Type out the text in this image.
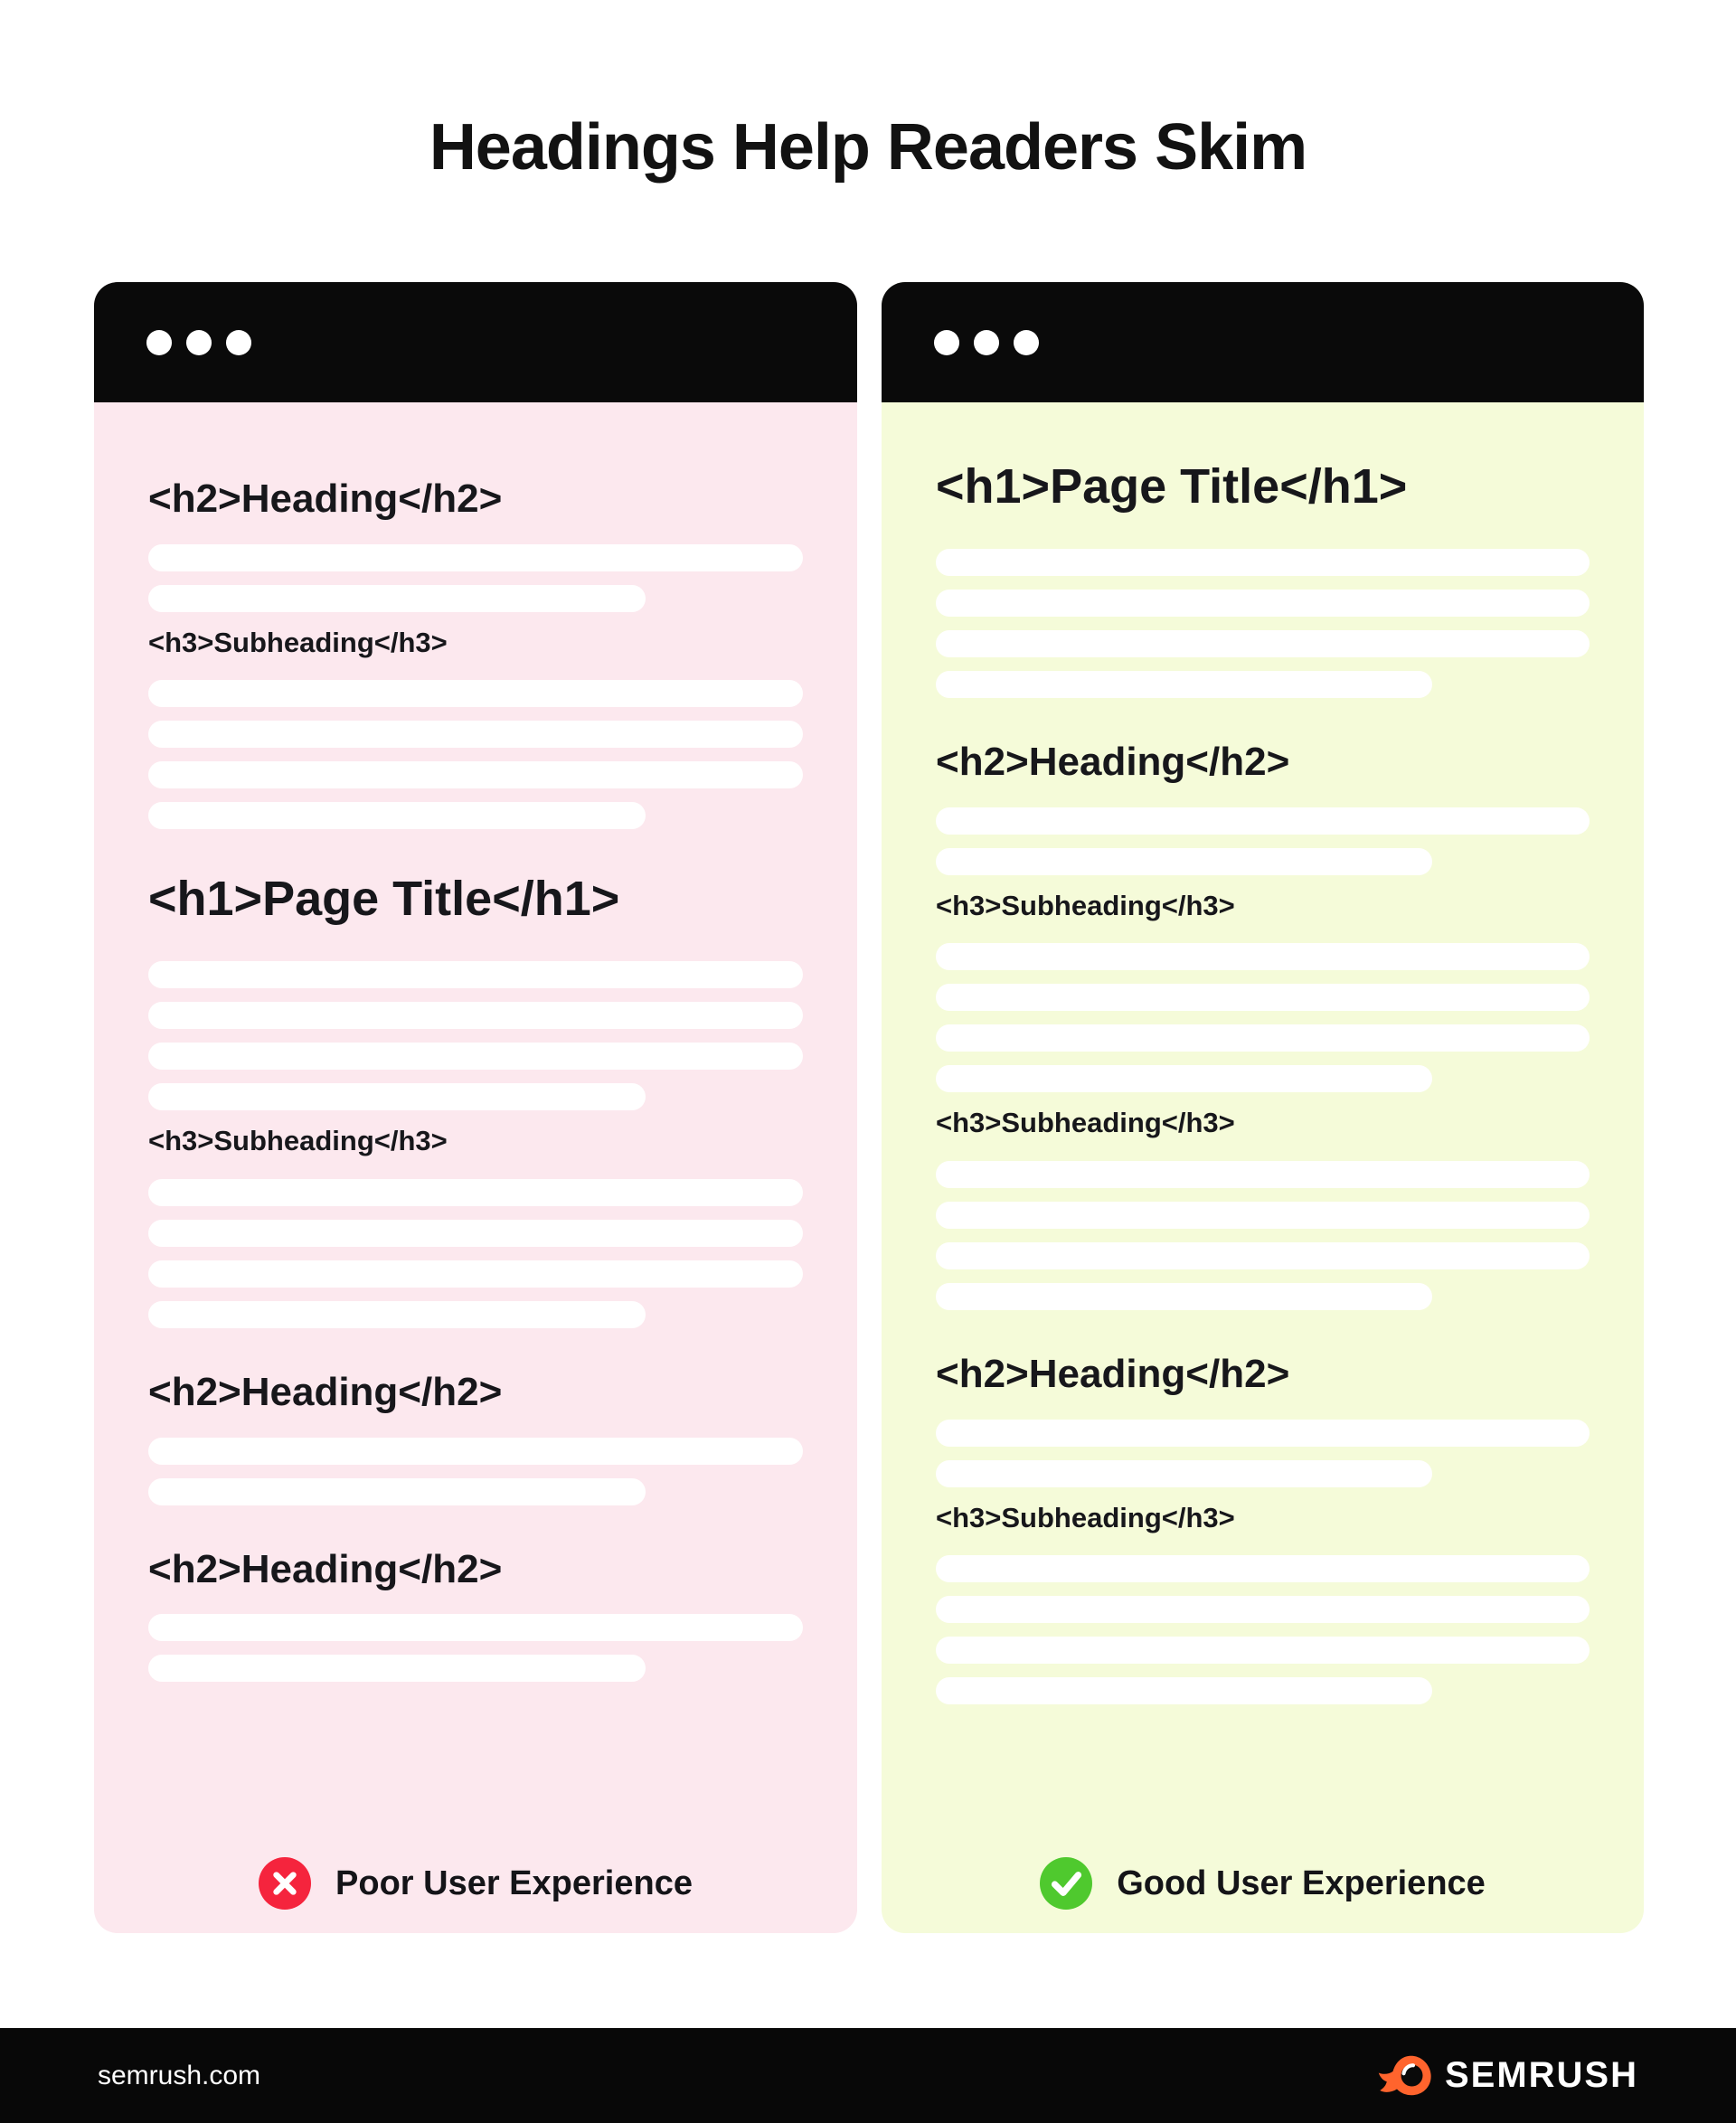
Headings Help Readers Skim
<h2>Heading</h2>
<h3>Subheading</h3>
<h1>Page Title</h1>
<h3>Subheading</h3>
<h2>Heading</h2>
<h2>Heading</h2>
Poor User Experience
<h1>Page Title</h1>
<h2>Heading</h2>
<h3>Subheading</h3>
<h3>Subheading</h3>
<h2>Heading</h2>
<h3>Subheading</h3>
Good User Experience
semrush.com	SEMRUSH
